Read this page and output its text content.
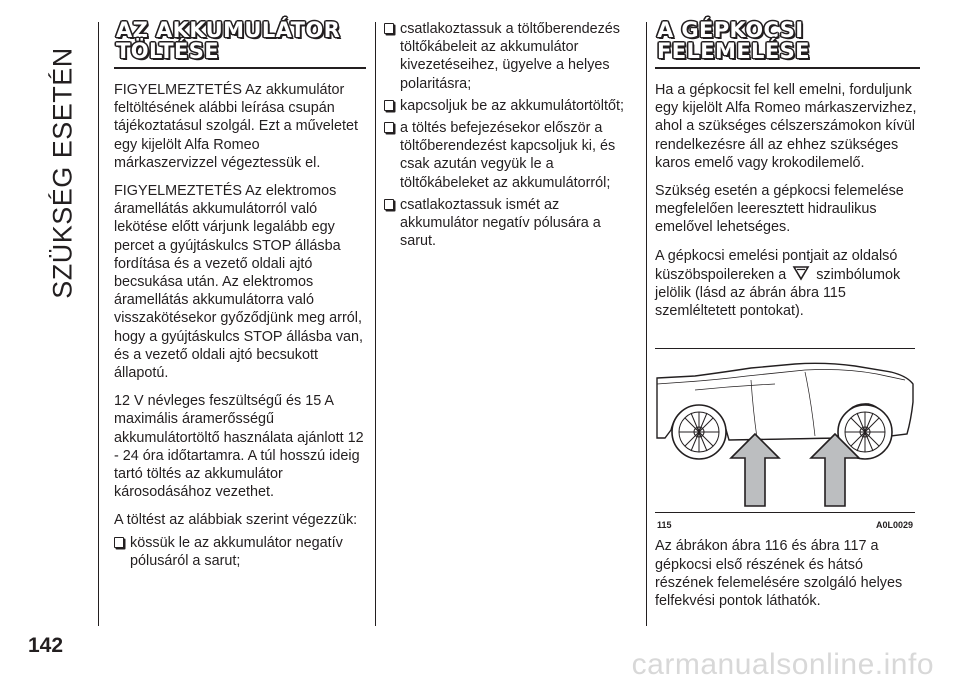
SZÜKSÉG ESETÉN
142
AZ AKKUMULÁTOR
TÖLTÉSE

FIGYELMEZTETÉS Az akkumulátor feltöltésének alábbi leírása csupán tájékoztatásul szolgál. Ezt a műveletet egy kijelölt Alfa Romeo márkaszervizzel végeztessük el.

FIGYELMEZTETÉS Az elektromos áramellátás akkumulátorról való lekötése előtt várjunk legalább egy percet a gyújtáskulcs STOP állásba fordítása és a vezető oldali ajtó becsukása után. Az elektromos áramellátás akkumulátorra való visszakötésekor győződjünk meg arról, hogy a gyújtáskulcs STOP állásba van, és a vezető oldali ajtó becsukott állapotú.

12 V névleges feszültségű és 15 A maximális áramerősségű akkumulátortöltő használata ajánlott 12 - 24 óra időtartamra. A túl hosszú ideig tartó töltés az akkumulátor károsodásához vezethet.

A töltést az alábbiak szerint végezzük:

kössük le az akkumulátor negatív pólusáról a sarut;
csatlakoztassuk a töltőberendezés töltőkábeleit az akkumulátor kivezetéseihez, ügyelve a helyes polaritásra;
kapcsoljuk be az akkumulátortöltőt;
a töltés befejezésekor először a töltőberendezést kapcsoljuk ki, és csak azután vegyük le a töltőkábeleket az akkumulátorról;
csatlakoztassuk ismét az akkumulátor negatív pólusára a sarut.
A GÉPKOCSI
FELEMELÉSE

Ha a gépkocsit fel kell emelni, forduljunk egy kijelölt Alfa Romeo márkaszervizhez, ahol a szükséges célszerszámokon kívül rendelkezésre áll az ehhez szükséges karos emelő vagy krokodilemelő.

Szükség esetén a gépkocsi felemelése megfelelően leeresztett hidraulikus emelővel lehetséges.

A gépkocsi emelési pontjait az oldalsó küszöbspoilereken a szimbólumok jelölik (lásd az ábrán ábra 115 szemléltetett pontokat).

115	A0L0029

Az ábrákon ábra 116 és ábra 117 a gépkocsi első részének és hátsó részének felemelésére szolgáló helyes felfekvési pontok láthatók.

carmanualsonline.info
